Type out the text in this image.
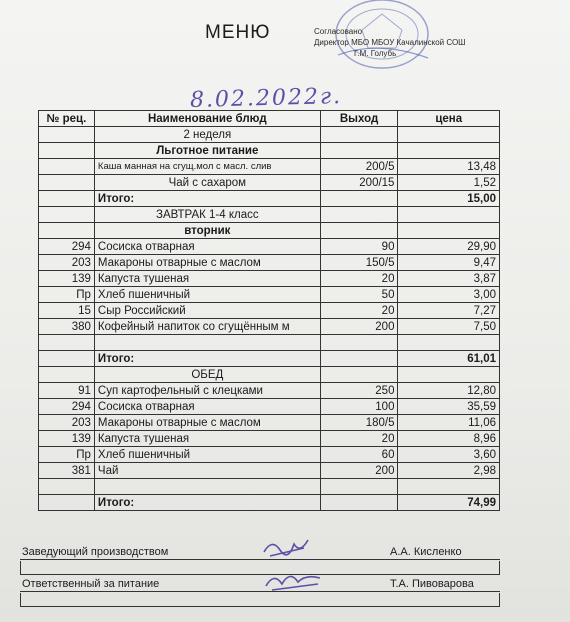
МЕНЮ	Согласовано
Директор МБО МБОУ Качалинской СОШ
Г.М. Голубь
8.02.2022г.
№ рец.	Наименование блюд	Выход	цена
	2 неделя		
	Льготное питание		
	Каша манная на сгущ.мол с масл. слив	200/5	13,48
	Чай с сахаром	200/15	1,52
	Итого:		15,00
	ЗАВТРАК 1-4 класс		
	вторник		
294	Сосиска отварная	90	29,90
203	Макароны отварные с маслом	150/5	9,47
139	Капуста тушеная	20	3,87
Пр	Хлеб пшеничный	50	3,00
15	Сыр Российский	20	7,27
380	Кофейный напиток со сгущённым м	200	7,50

	Итого:		61,01
	ОБЕД		
91	Суп картофельный с клецками	250	12,80
294	Сосиска отварная	100	35,59
203	Макароны отварные с маслом	180/5	11,06
139	Капуста тушеная	20	8,96
Пр	Хлеб пшеничный	60	3,60
381	Чай	200	2,98

	Итого:		74,99
Заведующий производством	А.А. Кисленко
Ответственный за питание	Т.А. Пивоварова
